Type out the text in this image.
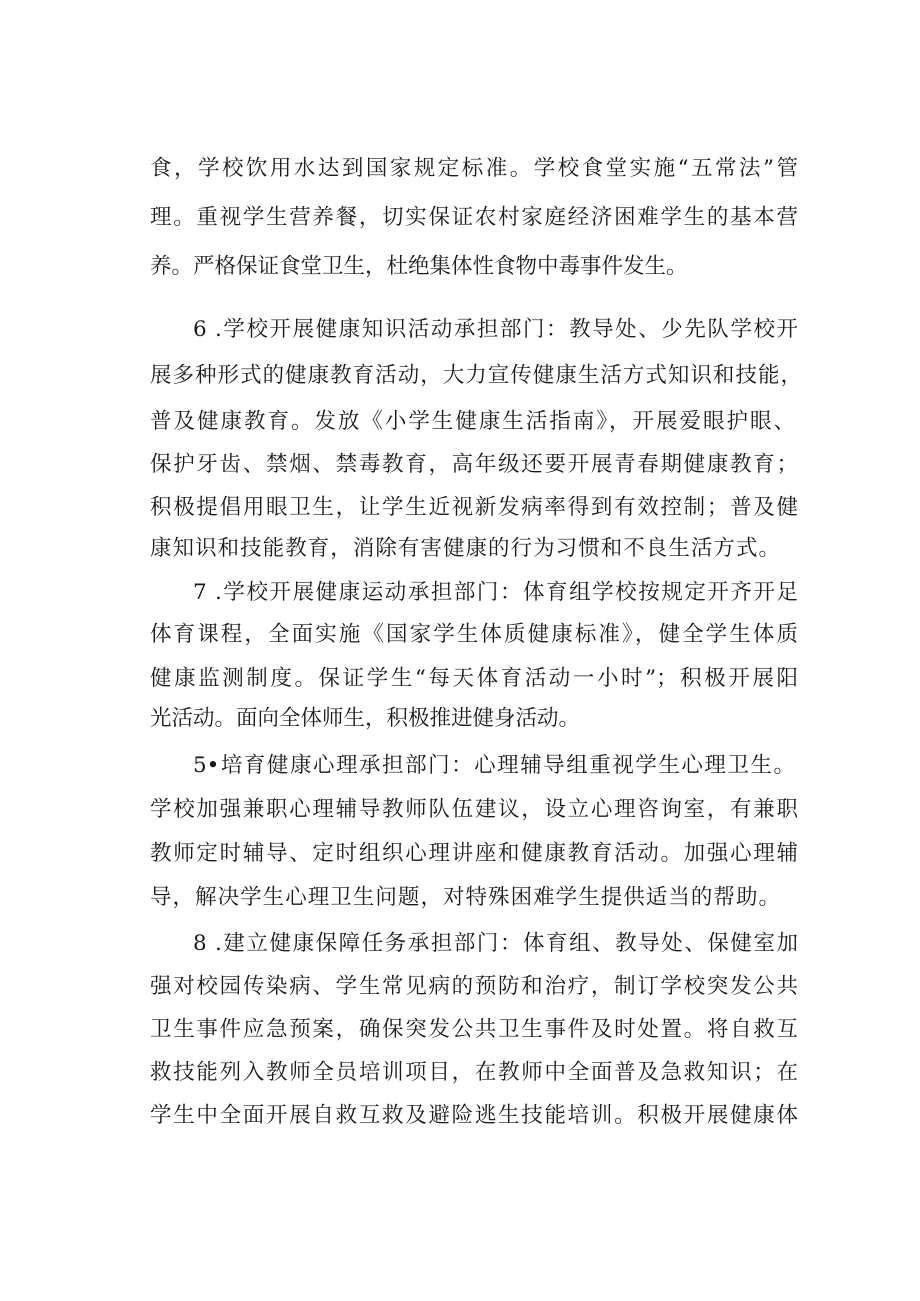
食，学校饮用水达到国家规定标准。学校食堂实施“五常法”管

理。重视学生营养餐，切实保证农村家庭经济困难学生的基本营

养。严格保证食堂卫生，杜绝集体性食物中毒事件发生。

6 .学校开展健康知识活动承担部门：教导处、少先队学校开

展多种形式的健康教育活动，大力宣传健康生活方式知识和技能，

普及健康教育。发放《小学生健康生活指南》，开展爱眼护眼、

保护牙齿、禁烟、禁毒教育，高年级还要开展青春期健康教育；

积极提倡用眼卫生，让学生近视新发病率得到有效控制；普及健

康知识和技能教育，消除有害健康的行为习惯和不良生活方式。

7 .学校开展健康运动承担部门：体育组学校按规定开齐开足

体育课程，全面实施《国家学生体质健康标准》，健全学生体质

健康监测制度。保证学生“每天体育活动一小时”；积极开展阳

光活动。面向全体师生，积极推进健身活动。

5•培育健康心理承担部门：心理辅导组重视学生心理卫生。

学校加强兼职心理辅导教师队伍建议，设立心理咨询室，有兼职

教师定时辅导、定时组织心理讲座和健康教育活动。加强心理辅

导，解决学生心理卫生问题，对特殊困难学生提供适当的帮助。

8 .建立健康保障任务承担部门：体育组、教导处、保健室加

强对校园传染病、学生常见病的预防和治疗，制订学校突发公共

卫生事件应急预案，确保突发公共卫生事件及时处置。将自救互

救技能列入教师全员培训项目，在教师中全面普及急救知识；在

学生中全面开展自救互救及避险逃生技能培训。积极开展健康体
